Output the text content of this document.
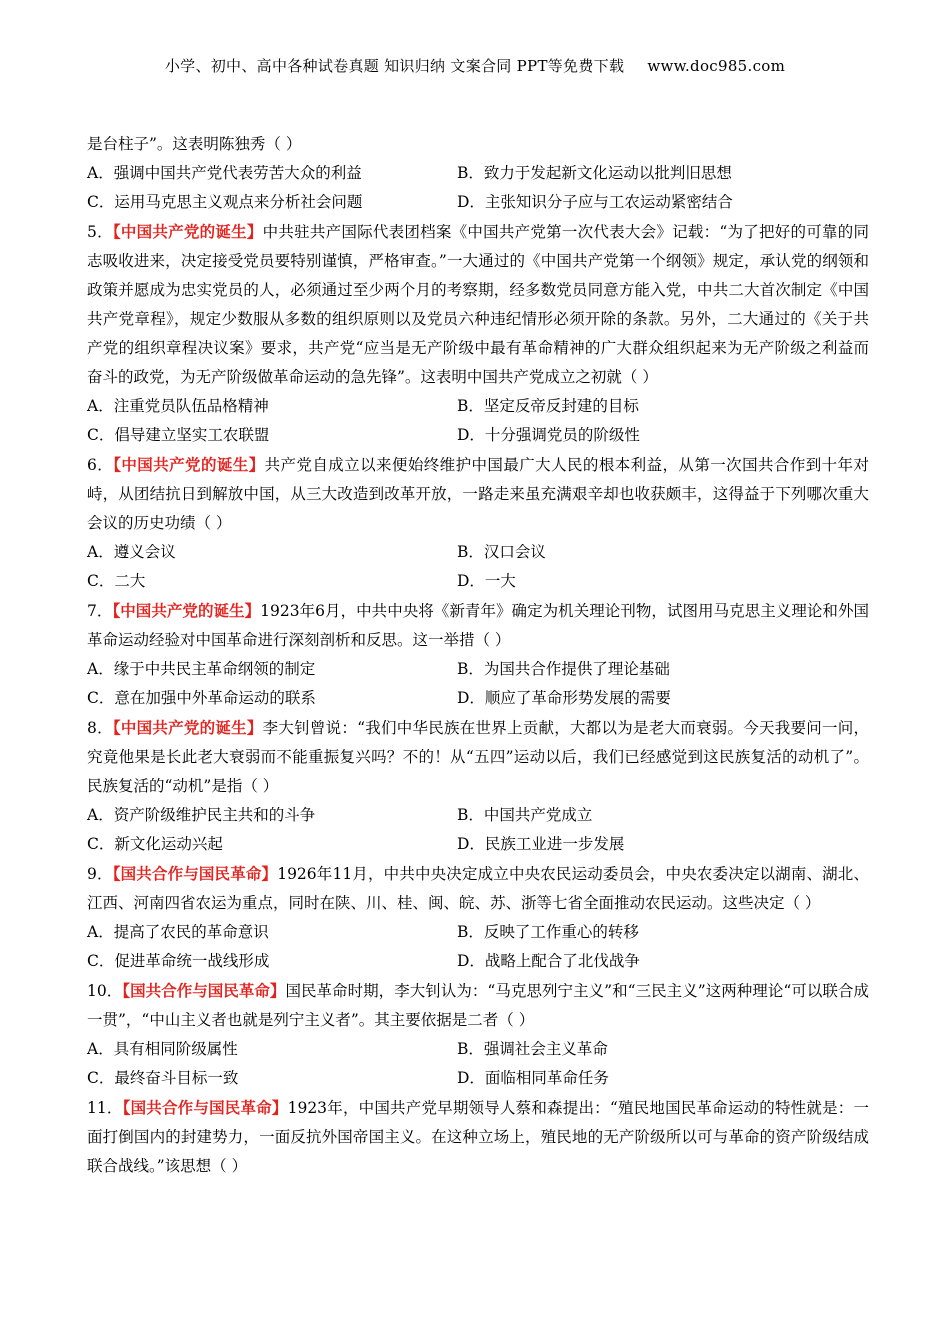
小学、初中、高中各种试卷真题 知识归纳 文案合同 PPT等免费下载 www.doc985.com
是台柱子”。这表明陈独秀（ ）
A．强调中国共产党代表劳苦大众的利益	B．致力于发起新文化运动以批判旧思想
C．运用马克思主义观点来分析社会问题	D．主张知识分子应与工农运动紧密结合
5．【中国共产党的诞生】中共驻共产国际代表团档案《中国共产党第一次代表大会》记载：“为了把好的可靠的同志吸收进来，决定接受党员要特别谨慎，严格审查。”一大通过的《中国共产党第一个纲领》规定，承认党的纲领和政策并愿成为忠实党员的人，必须通过至少两个月的考察期，经多数党员同意方能入党，中共二大首次制定《中国共产党章程》，规定少数服从多数的组织原则以及党员六种违纪情形必须开除的条款。另外，二大通过的《关于共产党的组织章程决议案》要求，共产党“应当是无产阶级中最有革命精神的广大群众组织起来为无产阶级之利益而奋斗的政党，为无产阶级做革命运动的急先锋”。这表明中国共产党成立之初就（ ）
A．注重党员队伍品格精神	B．坚定反帝反封建的目标
C．倡导建立坚实工农联盟	D．十分强调党员的阶级性
6．【中国共产党的诞生】共产党自成立以来便始终维护中国最广大人民的根本利益，从第一次国共合作到十年对峙，从团结抗日到解放中国，从三大改造到改革开放，一路走来虽充满艰辛却也收获颇丰，这得益于下列哪次重大会议的历史功绩（ ）
A．遵义会议	B．汉口会议
C．二大	D．一大
7．【中国共产党的诞生】1923年6月，中共中央将《新青年》确定为机关理论刊物，试图用马克思主义理论和外国革命运动经验对中国革命进行深刻剖析和反思。这一举措（ ）
A．缘于中共民主革命纲领的制定	B．为国共合作提供了理论基础
C．意在加强中外革命运动的联系	D．顺应了革命形势发展的需要
8．【中国共产党的诞生】李大钊曾说：“我们中华民族在世界上贡献，大都以为是老大而衰弱。今天我要问一问，究竟他果是长此老大衰弱而不能重振复兴吗？不的！从“五四”运动以后，我们已经感觉到这民族复活的动机了”。民族复活的“动机”是指（ ）
A．资产阶级维护民主共和的斗争	B．中国共产党成立
C．新文化运动兴起	D．民族工业进一步发展
9．【国共合作与国民革命】1926年11月，中共中央决定成立中央农民运动委员会，中央农委决定以湖南、湖北、江西、河南四省农运为重点，同时在陕、川、桂、闽、皖、苏、浙等七省全面推动农民运动。这些决定（ ）
A．提高了农民的革命意识	B．反映了工作重心的转移
C．促进革命统一战线形成	D．战略上配合了北伐战争
10．【国共合作与国民革命】国民革命时期，李大钊认为：“马克思列宁主义”和“三民主义”这两种理论“可以联合成一贯”，“中山主义者也就是列宁主义者”。其主要依据是二者（ ）
A．具有相同阶级属性	B．强调社会主义革命
C．最终奋斗目标一致	D．面临相同革命任务
11．【国共合作与国民革命】1923年，中国共产党早期领导人蔡和森提出：“殖民地国民革命运动的特性就是：一面打倒国内的封建势力，一面反抗外国帝国主义。在这种立场上，殖民地的无产阶级所以可与革命的资产阶级结成联合战线。”该思想（ ）
